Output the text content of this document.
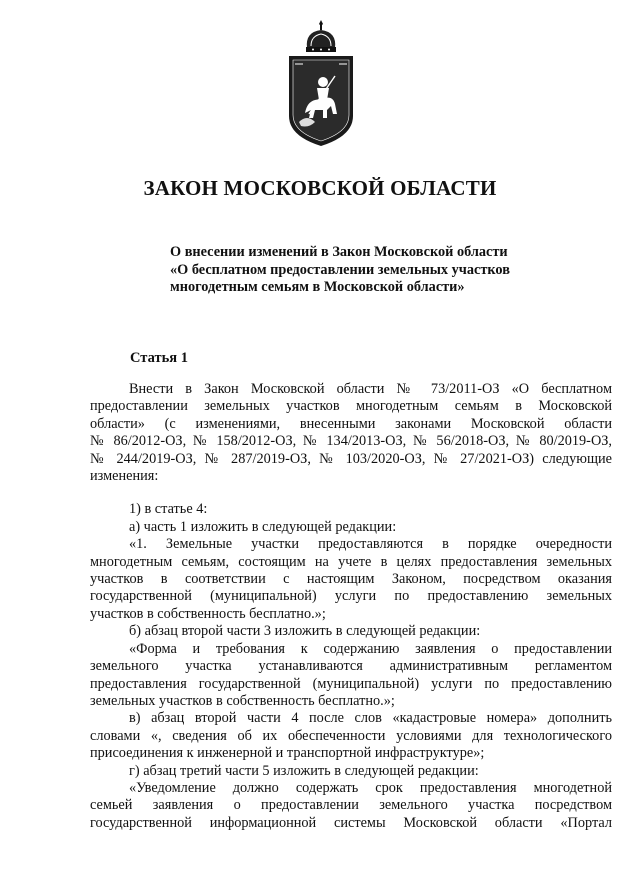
ЗАКОН МОСКОВСКОЙ ОБЛАСТИ
О внесении изменений в Закон Московской области
«О бесплатном предоставлении земельных участков
многодетным семьям в Московской области»
Статья 1
Внести в Закон Московской области № 73/2011-ОЗ «О бесплатном
предоставлении земельных участков многодетным семьям в Московской
области» (с изменениями, внесенными законами Московской области
№ 86/2012-ОЗ, № 158/2012-ОЗ, № 134/2013-ОЗ, № 56/2018-ОЗ, № 80/2019-ОЗ,
№ 244/2019-ОЗ, № 287/2019-ОЗ, № 103/2020-ОЗ, № 27/2021-ОЗ) следующие
изменения:
1) в статье 4:
а) часть 1 изложить в следующей редакции:
«1. Земельные участки предоставляются в порядке очередности
многодетным семьям, состоящим на учете в целях предоставления земельных
участков в соответствии с настоящим Законом, посредством оказания
государственной (муниципальной) услуги по предоставлению земельных
участков в собственность бесплатно.»;
б) абзац второй части 3 изложить в следующей редакции:
«Форма и требования к содержанию заявления о предоставлении
земельного участка устанавливаются административным регламентом
предоставления государственной (муниципальной) услуги по предоставлению
земельных участков в собственность бесплатно.»;
в) абзац второй части 4 после слов «кадастровые номера» дополнить
словами «, сведения об их обеспеченности условиями для технологического
присоединения к инженерной и транспортной инфраструктуре»;
г) абзац третий части 5 изложить в следующей редакции:
«Уведомление должно содержать срок предоставления многодетной
семьей заявления о предоставлении земельного участка посредством
государственной информационной системы Московской области «Портал
